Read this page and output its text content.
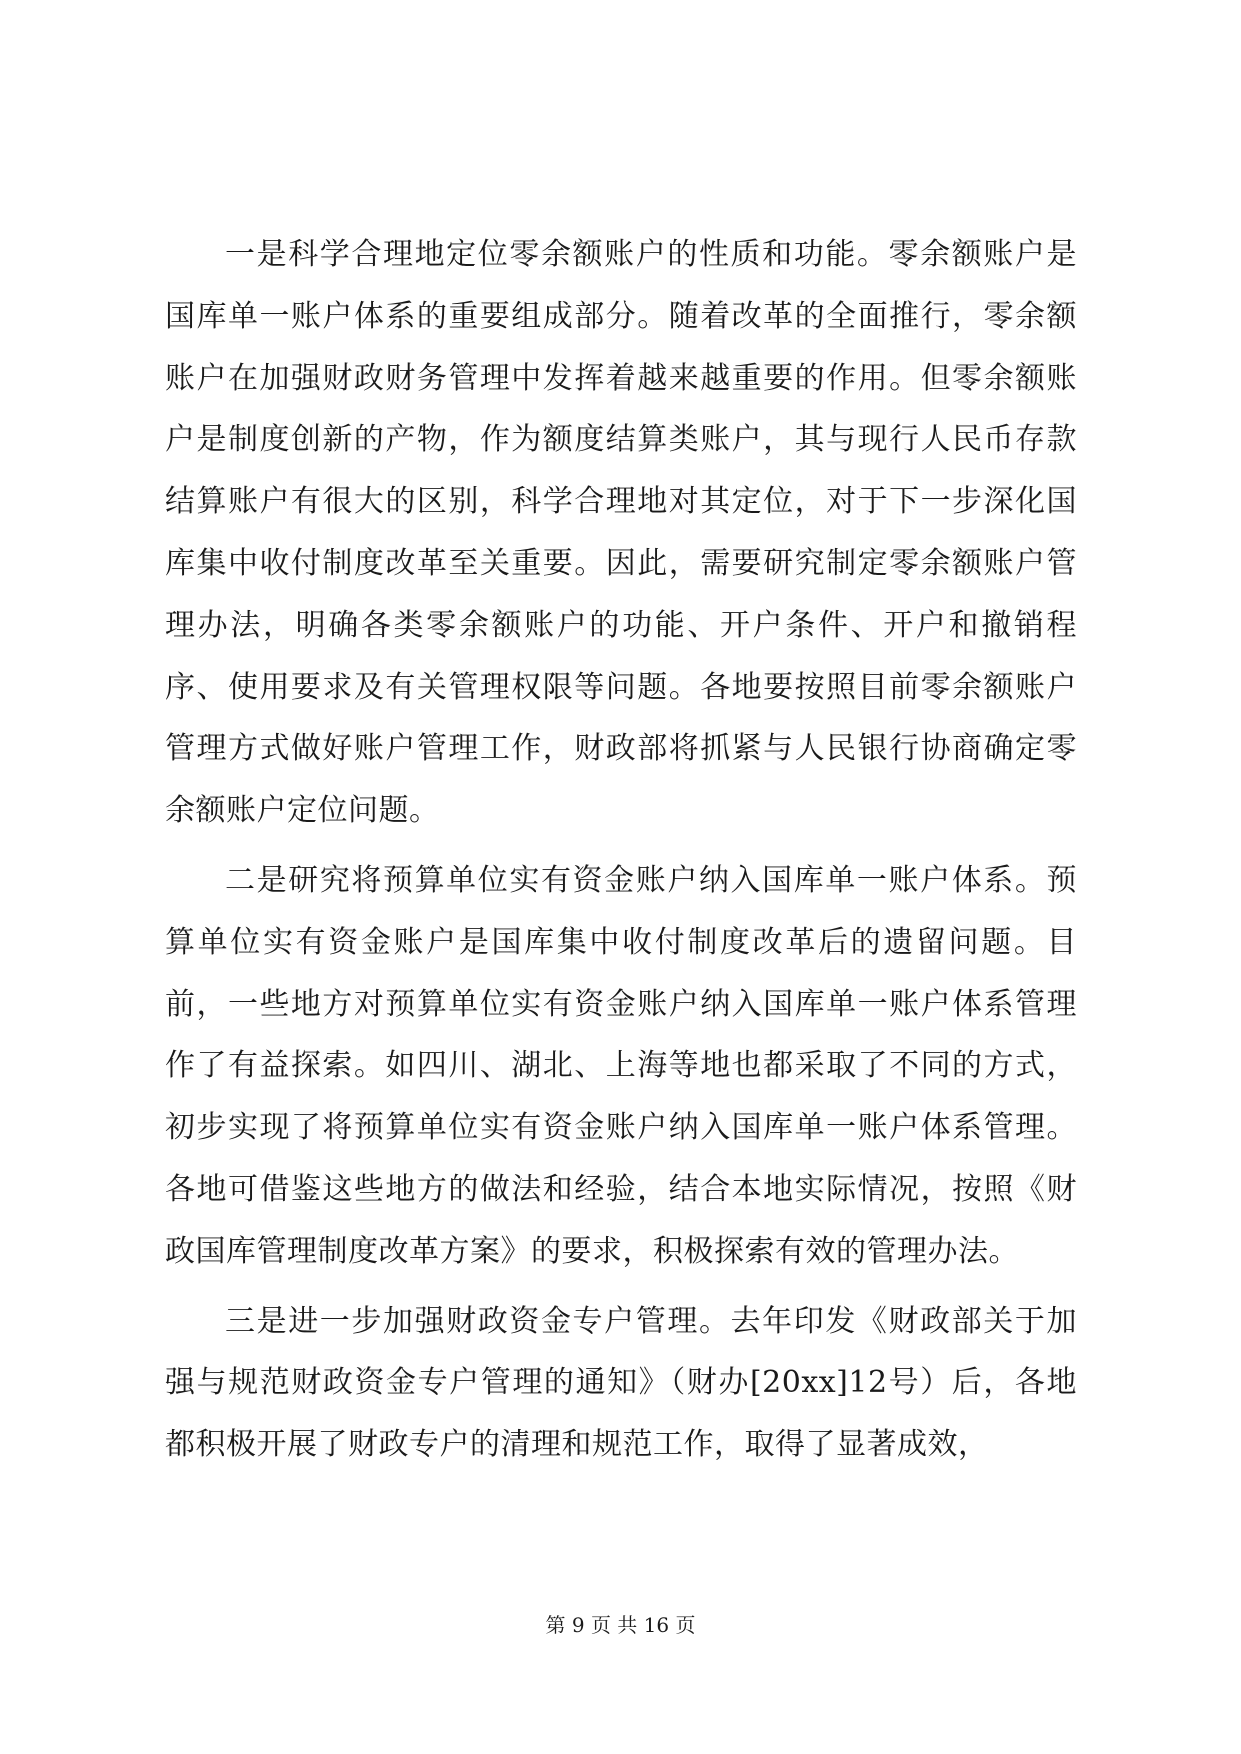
一是科学合理地定位零余额账户的性质和功能。零余额账户是国库单一账户体系的重要组成部分。随着改革的全面推行，零余额账户在加强财政财务管理中发挥着越来越重要的作用。但零余额账户是制度创新的产物，作为额度结算类账户，其与现行人民币存款结算账户有很大的区别，科学合理地对其定位，对于下一步深化国库集中收付制度改革至关重要。因此，需要研究制定零余额账户管理办法，明确各类零余额账户的功能、开户条件、开户和撤销程序、使用要求及有关管理权限等问题。各地要按照目前零余额账户管理方式做好账户管理工作，财政部将抓紧与人民银行协商确定零余额账户定位问题。

二是研究将预算单位实有资金账户纳入国库单一账户体系。预算单位实有资金账户是国库集中收付制度改革后的遗留问题。目前，一些地方对预算单位实有资金账户纳入国库单一账户体系管理作了有益探索。如四川、湖北、上海等地也都采取了不同的方式，初步实现了将预算单位实有资金账户纳入国库单一账户体系管理。各地可借鉴这些地方的做法和经验，结合本地实际情况，按照《财政国库管理制度改革方案》的要求，积极探索有效的管理办法。

三是进一步加强财政资金专户管理。去年印发《财政部关于加强与规范财政资金专户管理的通知》（财办[20xx]12号）后，各地都积极开展了财政专户的清理和规范工作，取得了显著成效，

第 9 页 共 16 页
